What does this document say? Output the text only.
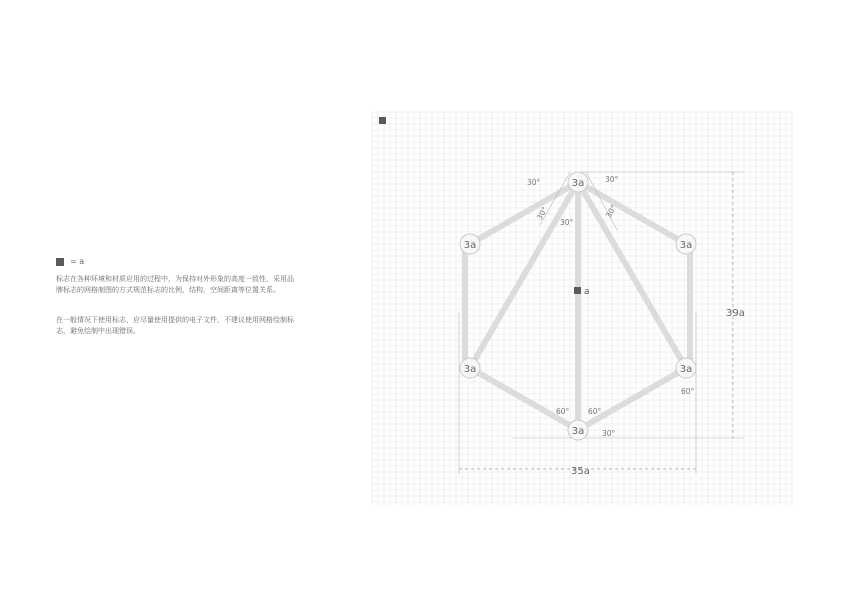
= a

标志在各种环境和材质应用的过程中，为保持对外形象的高度一致性，采用品牌标志的网格制图的方式规范标志的比例，结构，空间距离等位置关系。

在一般情况下使用标志，应尽量使用提供的电子文件，不建议使用网格绘制标志，避免绘制中出现错误。

3a
3a	3a
3a	3a
3a
a
30°	30°
30°
30°
30°
60° 60°
30°
60°
39a
35a
